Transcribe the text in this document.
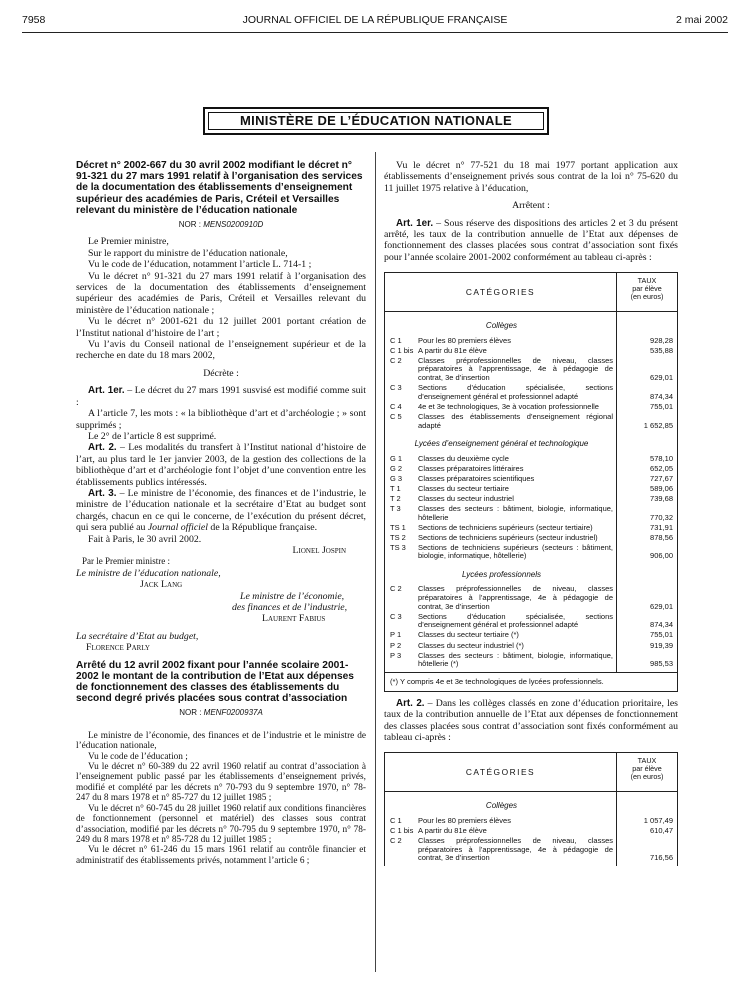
7958	JOURNAL OFFICIEL DE LA RÉPUBLIQUE FRANÇAISE	2 mai 2002
MINISTÈRE DE L’ÉDUCATION NATIONALE

Décret n° 2002-667 du 30 avril 2002 modifiant le décret n° 91-321 du 27 mars 1991 relatif à l’organisation des services de la documentation des établissements d’enseignement supérieur des académies de Paris, Créteil et Versailles relevant du ministère de l’éducation nationale

NOR : MENS0200910D

Le Premier ministre,

Sur le rapport du ministre de l’éducation nationale,

Vu le code de l’éducation, notamment l’article L. 714-1 ;

Vu le décret n° 91-321 du 27 mars 1991 relatif à l’organisation des services de la documentation des établissements d’enseignement supérieur des académies de Paris, Créteil et Versailles relevant du ministère de l’éducation nationale ;

Vu le décret n° 2001-621 du 12 juillet 2001 portant création de l’Institut national d’histoire de l’art ;

Vu l’avis du Conseil national de l’enseignement supérieur et de la recherche en date du 18 mars 2002,

Décrète :

Art. 1er. – Le décret du 27 mars 1991 susvisé est modifié comme suit :

A l’article 7, les mots : « la bibliothèque d’art et d’archéologie ; » sont supprimés ;

Le 2° de l’article 8 est supprimé.

Art. 2. – Les modalités du transfert à l’Institut national d’histoire de l’art, au plus tard le 1er janvier 2003, de la gestion des collections de la bibliothèque d’art et d’archéologie font l’objet d’une convention entre les établissements publics intéressés.

Art. 3. – Le ministre de l’économie, des finances et de l’industrie, le ministre de l’éducation nationale et la secrétaire d’Etat au budget sont chargés, chacun en ce qui le concerne, de l’exécution du présent décret, qui sera publié au Journal officiel de la République française.

Fait à Paris, le 30 avril 2002.

Lionel Jospin

Par le Premier ministre :

Le ministre de l’éducation nationale,

Jack Lang

Le ministre de l’économie,

des finances et de l’industrie,

Laurent Fabius

La secrétaire d’Etat au budget,

Florence Parly

Arrêté du 12 avril 2002 fixant pour l’année scolaire 2001-2002 le montant de la contribution de l’Etat aux dépenses de fonctionnement des classes des établissements du second degré privés placées sous contrat d’association

NOR : MENF0200937A

Le ministre de l’économie, des finances et de l’industrie et le ministre de l’éducation nationale,

Vu le code de l’éducation ;

Vu le décret n° 60-389 du 22 avril 1960 relatif au contrat d’association à l’enseignement public passé par les établissements d’enseignement privés, modifié et complété par les décrets n° 70-793 du 9 septembre 1970, n° 78-247 du 8 mars 1978 et n° 85-727 du 12 juillet 1985 ;

Vu le décret n° 60-745 du 28 juillet 1960 relatif aux conditions financières de fonctionnement (personnel et matériel) des classes sous contrat d’association, modifié par les décrets n° 70-795 du 9 septembre 1970, n° 78-249 du 8 mars 1978 et n° 85-728 du 12 juillet 1985 ;

Vu le décret n° 61-246 du 15 mars 1961 relatif au contrôle financier et administratif des établissements privés, notamment l’article 6 ;

Vu le décret n° 77-521 du 18 mai 1977 portant application aux établissements d’enseignement privés sous contrat de la loi n° 75-620 du 11 juillet 1975 relative à l’éducation,

Arrêtent :

Art. 1er. – Sous réserve des dispositions des articles 2 et 3 du présent arrêté, les taux de la contribution annuelle de l’Etat aux dépenses de fonctionnement des classes placées sous contrat d’association sont fixés pour l’année scolaire 2001-2002 conformément au tableau ci-après :

CATÉGORIES
TAUX
par élève
(en euros)
Collèges
C 1	Pour les 80 premiers élèves	928,28
C 1 bis A partir du 81e élève	535,88
C 2	Classes préprofessionnelles de niveau, classes préparatoires à l’apprentissage, 4e à pédagogie de contrat, 3e d’insertion	629,01
C 3	Sections d’éducation spécialisée, sections d’enseignement général et professionnel adapté	874,34
C 4	4e et 3e technologiques, 3e à vocation professionnelle	755,01
C 5	Classes des établissements d’enseignement régional adapté	1 652,85
Lycées d’enseignement général et technologique
G 1	Classes du deuxième cycle	578,10
G 2	Classes préparatoires littéraires	652,05
G 3	Classes préparatoires scientifiques	727,67
T 1	Classes du secteur tertiaire	589,06
T 2	Classes du secteur industriel	739,68
T 3	Classes des secteurs : bâtiment, biologie, informatique, hôtellerie	770,32
TS 1	Sections de techniciens supérieurs (secteur tertiaire)	731,91
TS 2	Sections de techniciens supérieurs (secteur industriel)	878,56
TS 3	Sections de techniciens supérieurs (secteurs : bâtiment, biologie, informatique, hôtellerie)	906,00
Lycées professionnels
C 2	Classes préprofessionnelles de niveau, classes préparatoires à l’apprentissage, 4e à pédagogie de contrat, 3e d’insertion	629,01
C 3	Sections d’éducation spécialisée, sections d’enseignement général et professionnel adapté	874,34
P 1	Classes du secteur tertiaire (*)	755,01
P 2	Classes du secteur industriel (*)	919,39
P 3	Classes des secteurs : bâtiment, biologie, informatique, hôtellerie (*)	985,53
(*) Y compris 4e et 3e technologiques de lycées professionnels.

Art. 2. – Dans les collèges classés en zone d’éducation prioritaire, les taux de la contribution annuelle de l’Etat aux dépenses de fonctionnement des classes placées sous contrat d’association sont fixés conformément au tableau ci-après :

CATÉGORIES
TAUX
par élève
(en euros)
Collèges
C 1	Pour les 80 premiers élèves	1 057,49
C 1 bis A partir du 81e élève	610,47
C 2	Classes préprofessionnelles de niveau, classes préparatoires à l’apprentissage, 4e à pédagogie de contrat, 3e d’insertion	716,56
